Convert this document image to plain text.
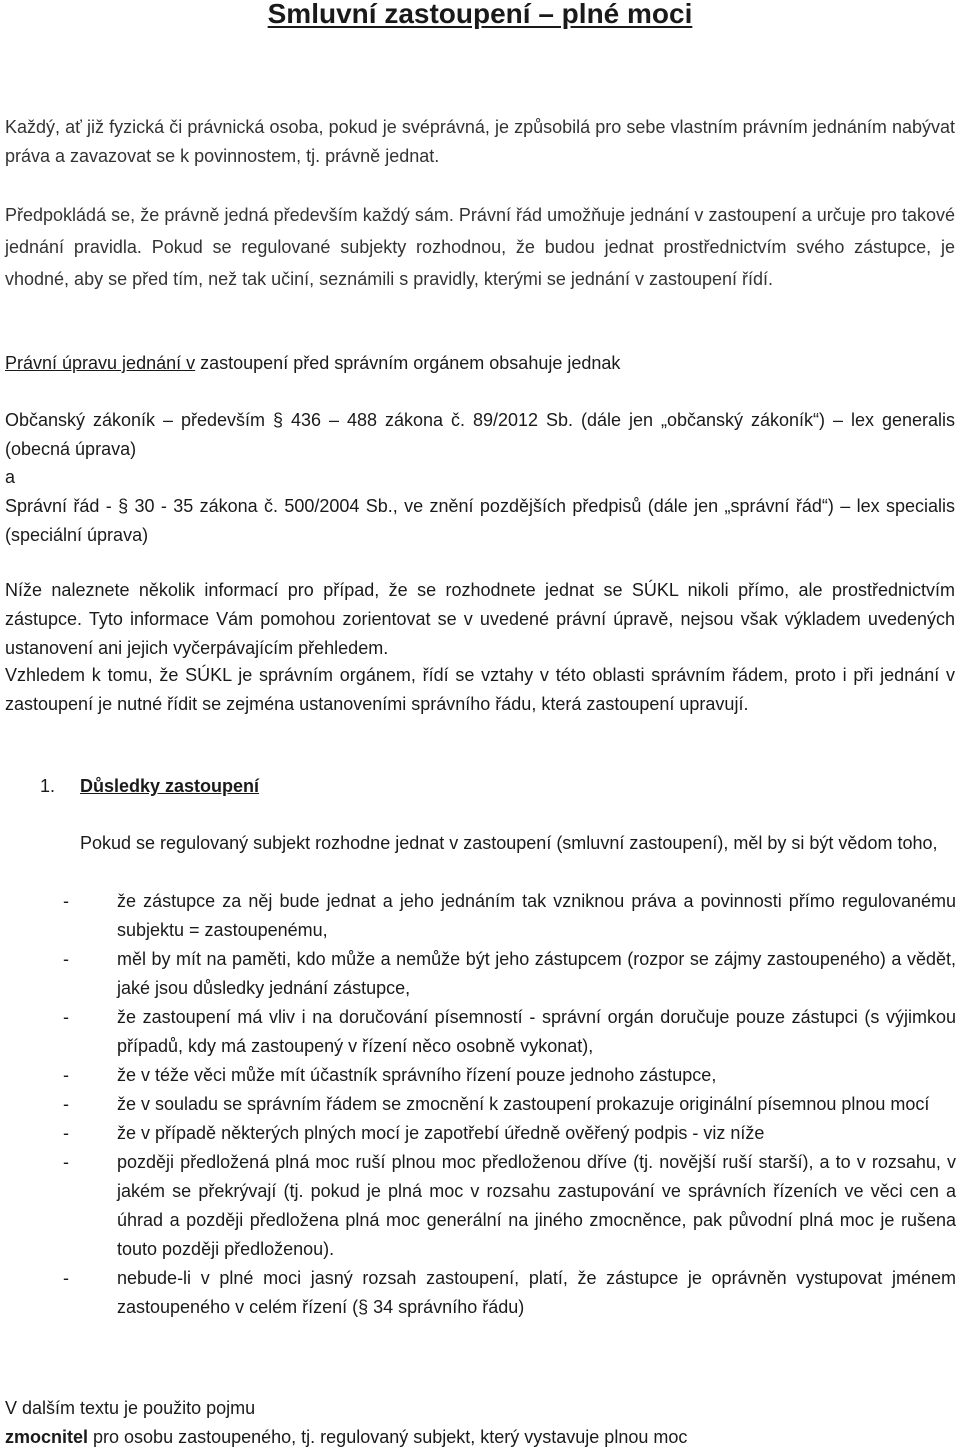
Smluvní zastoupení – plné moci

Každý, ať již fyzická či právnická osoba, pokud je svéprávná, je způsobilá pro sebe vlastním právním jednáním nabývat práva a zavazovat se k povinnostem, tj. právně jednat.

Předpokládá se, že právně jedná především každý sám. Právní řád umožňuje jednání v zastoupení a určuje pro takové jednání pravidla. Pokud se regulované subjekty rozhodnou, že budou jednat prostřednictvím svého zástupce, je vhodné, aby se před tím, než tak učiní, seznámili s pravidly, kterými se jednání v zastoupení řídí.

Právní úpravu jednání v zastoupení před správním orgánem obsahuje jednak

Občanský zákoník – především § 436 – 488 zákona č. 89/2012 Sb. (dále jen „občanský zákoník“) – lex generalis (obecná úprava)

a

Správní řád - § 30 - 35 zákona č. 500/2004 Sb., ve znění pozdějších předpisů (dále jen „správní řád“) – lex specialis (speciální úprava)

Níže naleznete několik informací pro případ, že se rozhodnete jednat se SÚKL nikoli přímo, ale prostřednictvím zástupce. Tyto informace Vám pomohou zorientovat se v uvedené právní úpravě, nejsou však výkladem uvedených ustanovení ani jejich vyčerpávajícím přehledem.

Vzhledem k tomu, že SÚKL je správním orgánem, řídí se vztahy v této oblasti správním řádem, proto i při jednání v zastoupení je nutné řídit se zejména ustanoveními správního řádu, která zastoupení upravují.

1. Důsledky zastoupení

Pokud se regulovaný subjekt rozhodne jednat v zastoupení (smluvní zastoupení), měl by si být vědom toho,

-	že zástupce za něj bude jednat a jeho jednáním tak vzniknou práva a povinnosti přímo regulovanému subjektu = zastoupenému,
-	měl by mít na paměti, kdo může a nemůže být jeho zástupcem (rozpor se zájmy zastoupeného) a vědět, jaké jsou důsledky jednání zástupce,
-	že zastoupení má vliv i na doručování písemností - správní orgán doručuje pouze zástupci (s výjimkou případů, kdy má zastoupený v řízení něco osobně vykonat),
-	že v téže věci může mít účastník správního řízení pouze jednoho zástupce,
-	že v souladu se správním řádem se zmocnění k zastoupení prokazuje originální písemnou plnou mocí
-	že v případě některých plných mocí je zapotřebí úředně ověřený podpis - viz níže
-	později předložená plná moc ruší plnou moc předloženou dříve (tj. novější ruší starší), a to v rozsahu, v jakém se překrývají (tj. pokud je plná moc v rozsahu zastupování ve správních řízeních ve věci cen a úhrad a později předložena plná moc generální na jiného zmocněnce, pak původní plná moc je rušena touto později předloženou).
-	nebude-li v plné moci jasný rozsah zastoupení, platí, že zástupce je oprávněn vystupovat jménem zastoupeného v celém řízení (§ 34 správního řádu)

V dalším textu je použito pojmu

zmocnitel pro osobu zastoupeného, tj. regulovaný subjekt, který vystavuje plnou moc
